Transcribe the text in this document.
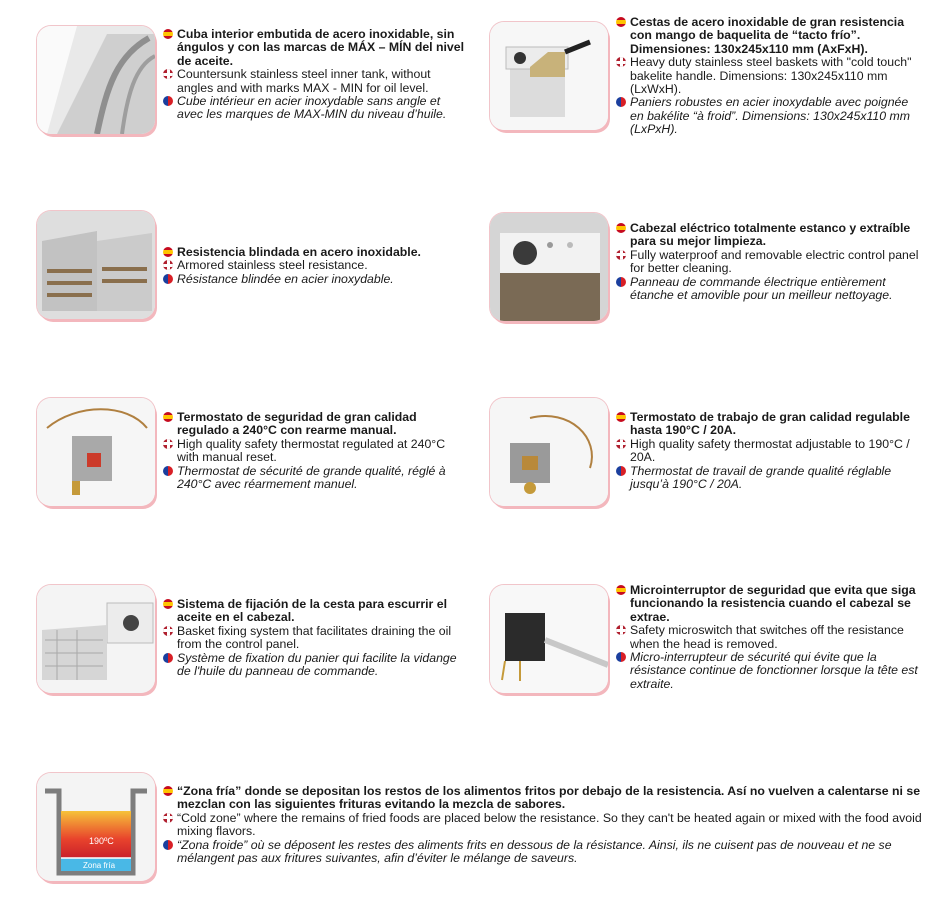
Cuba interior embutida de acero inoxidable, sin ángulos y con las marcas de MÁX – MÍN del nivel de aceite.

Countersunk stainless steel inner tank, without angles and with marks MAX - MIN for oil level.

Cube intérieur en acier inoxydable sans angle et avec les marques de MAX-MIN du niveau d’huile.

Cestas de acero inoxidable de gran resistencia con mango de baquelita de “tacto frío”. Dimensiones: 130x245x110 mm (AxFxH).

Heavy duty stainless steel baskets with "cold touch" bakelite handle. Dimensions: 130x245x110 mm (LxWxH).

Paniers robustes en acier inoxydable avec poignée en bakélite “à froid”. Dimensions: 130x245x110 mm (LxPxH).

Resistencia blindada en acero inoxidable.

Armored stainless steel resistance.

Résistance blindée en acier inoxydable.

Cabezal eléctrico totalmente estanco y extraíble para su mejor limpieza.

Fully waterproof and removable electric control panel for better cleaning.

Panneau de commande électrique entièrement étanche et amovible pour un meilleur nettoyage.

Termostato de seguridad de gran calidad regulado a 240°C con rearme manual.

High quality safety thermostat regulated at 240°C with manual reset.

Thermostat de sécurité de grande qualité, réglé à 240°C avec réarmement manuel.

Termostato de trabajo de gran calidad regulable hasta 190°C / 20A.

High quality safety thermostat adjustable to 190°C / 20A.

Thermostat de travail de grande qualité réglable jusqu’à 190°C / 20A.

Sistema de fijación de la cesta para escurrir el aceite en el cabezal.

Basket fixing system that facilitates draining the oil from the control panel.

Système de fixation du panier qui facilite la vidange de l'huile du panneau de commande.

Microinterruptor de seguridad que evita que siga funcionando la resistencia cuando el cabezal se extrae.

Safety microswitch that switches off the resistance when the head is removed.

Micro-interrupteur de sécurité qui évite que la résistance continue de fonctionner lorsque la tête est extraite.

190ºC
Zona fría

“Zona fría” donde se depositan los restos de los alimentos fritos por debajo de la resistencia. Así no vuelven a calentarse ni se mezclan con las siguientes frituras evitando la mezcla de sabores.

“Cold zone” where the remains of fried foods are placed below the resistance. So they can't be heated again or mixed with the food avoid mixing flavors.

“Zona froide” où se déposent les restes des aliments frits en dessous de la résistance. Ainsi, ils ne cuisent pas de nouveau et ne se mélangent pas aux fritures suivantes, afin d’éviter le mélange de saveurs.
